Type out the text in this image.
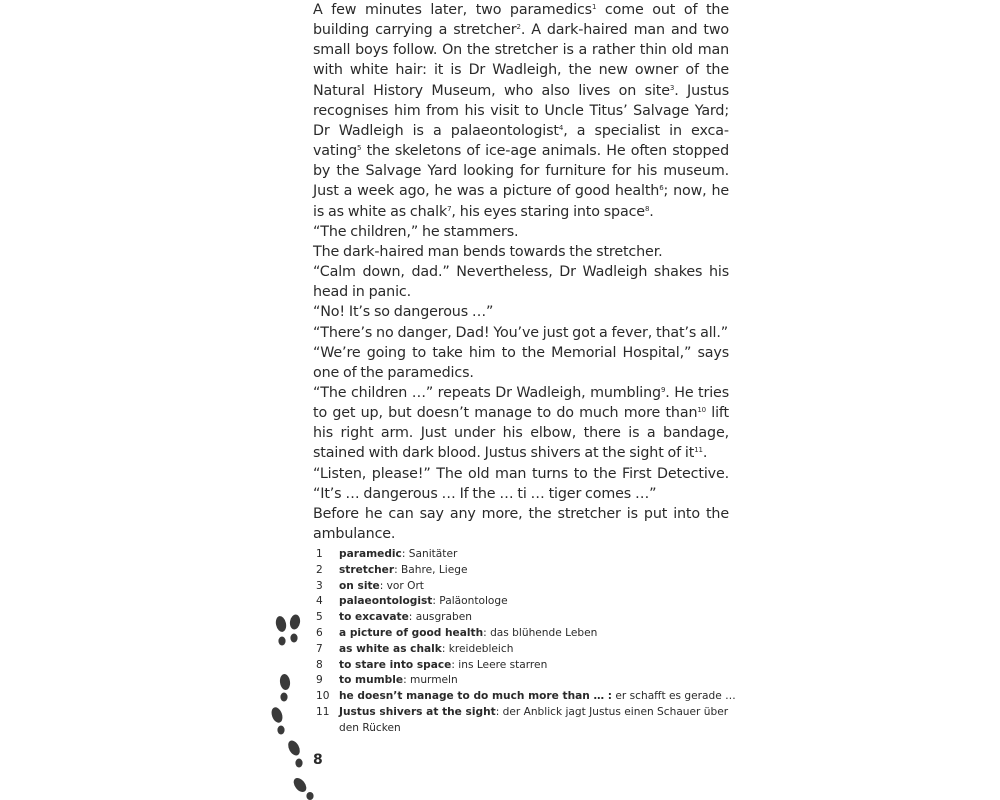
A few minutes later, two paramedics$^1$ come out of the building carrying a stretcher$^2$. A dark-haired man and two small boys follow. On the stretcher is a rather thin old man with white hair: it is Dr Wadleigh, the new owner of the Natural History Museum, who also lives on site$^3$. Justus recognises him from his visit to Uncle Titus’ Salvage Yard; Dr Wadleigh is a palaeontologist$^4$, a specialist in excavating$^5$ the skeletons of ice-age animals. He often stopped by the Salvage Yard looking for furniture for his museum. Just a week ago, he was a picture of good health$^6$; now, he is as white as chalk$^7$, his eyes staring into space$^8$.

“The children,” he stammers.

The dark-haired man bends towards the stretcher.

“Calm down, dad.” Nevertheless, Dr Wadleigh shakes his head in panic.

“No! It’s so dangerous …”

“There’s no danger, Dad! You’ve just got a fever, that’s all.”

“We’re going to take him to the Memorial Hospital,” says one of the paramedics.

“The children …” repeats Dr Wadleigh, mumbling$^9$. He tries to get up, but doesn’t manage to do much more than$^{10}$ lift his right arm. Just under his elbow, there is a bandage, stained with dark blood. Justus shivers at the sight of $it^{11}$.

“Listen, please!” The old man turns to the First Detective. “It’s … dangerous … If the … ti … tiger comes …”

Before he can say any more, the stretcher is put into the ambulance.

1	paramedic: Sanitäter
2	stretcher: Bahre, Liege
3	on site: vor Ort
4	palaeontologist: Paläontologe
5	to excavate: ausgraben
6	a picture of good health: das blühende Leben
7	as white as chalk: kreidebleich
8	to stare into space: ins Leere starren
9	to mumble: murmeln
10 he doesn’t manage to do much more than … : er schafft es gerade …
11 Justus shivers at the sight: der Anblick jagt Justus einen Schauer über den Rücken
8
